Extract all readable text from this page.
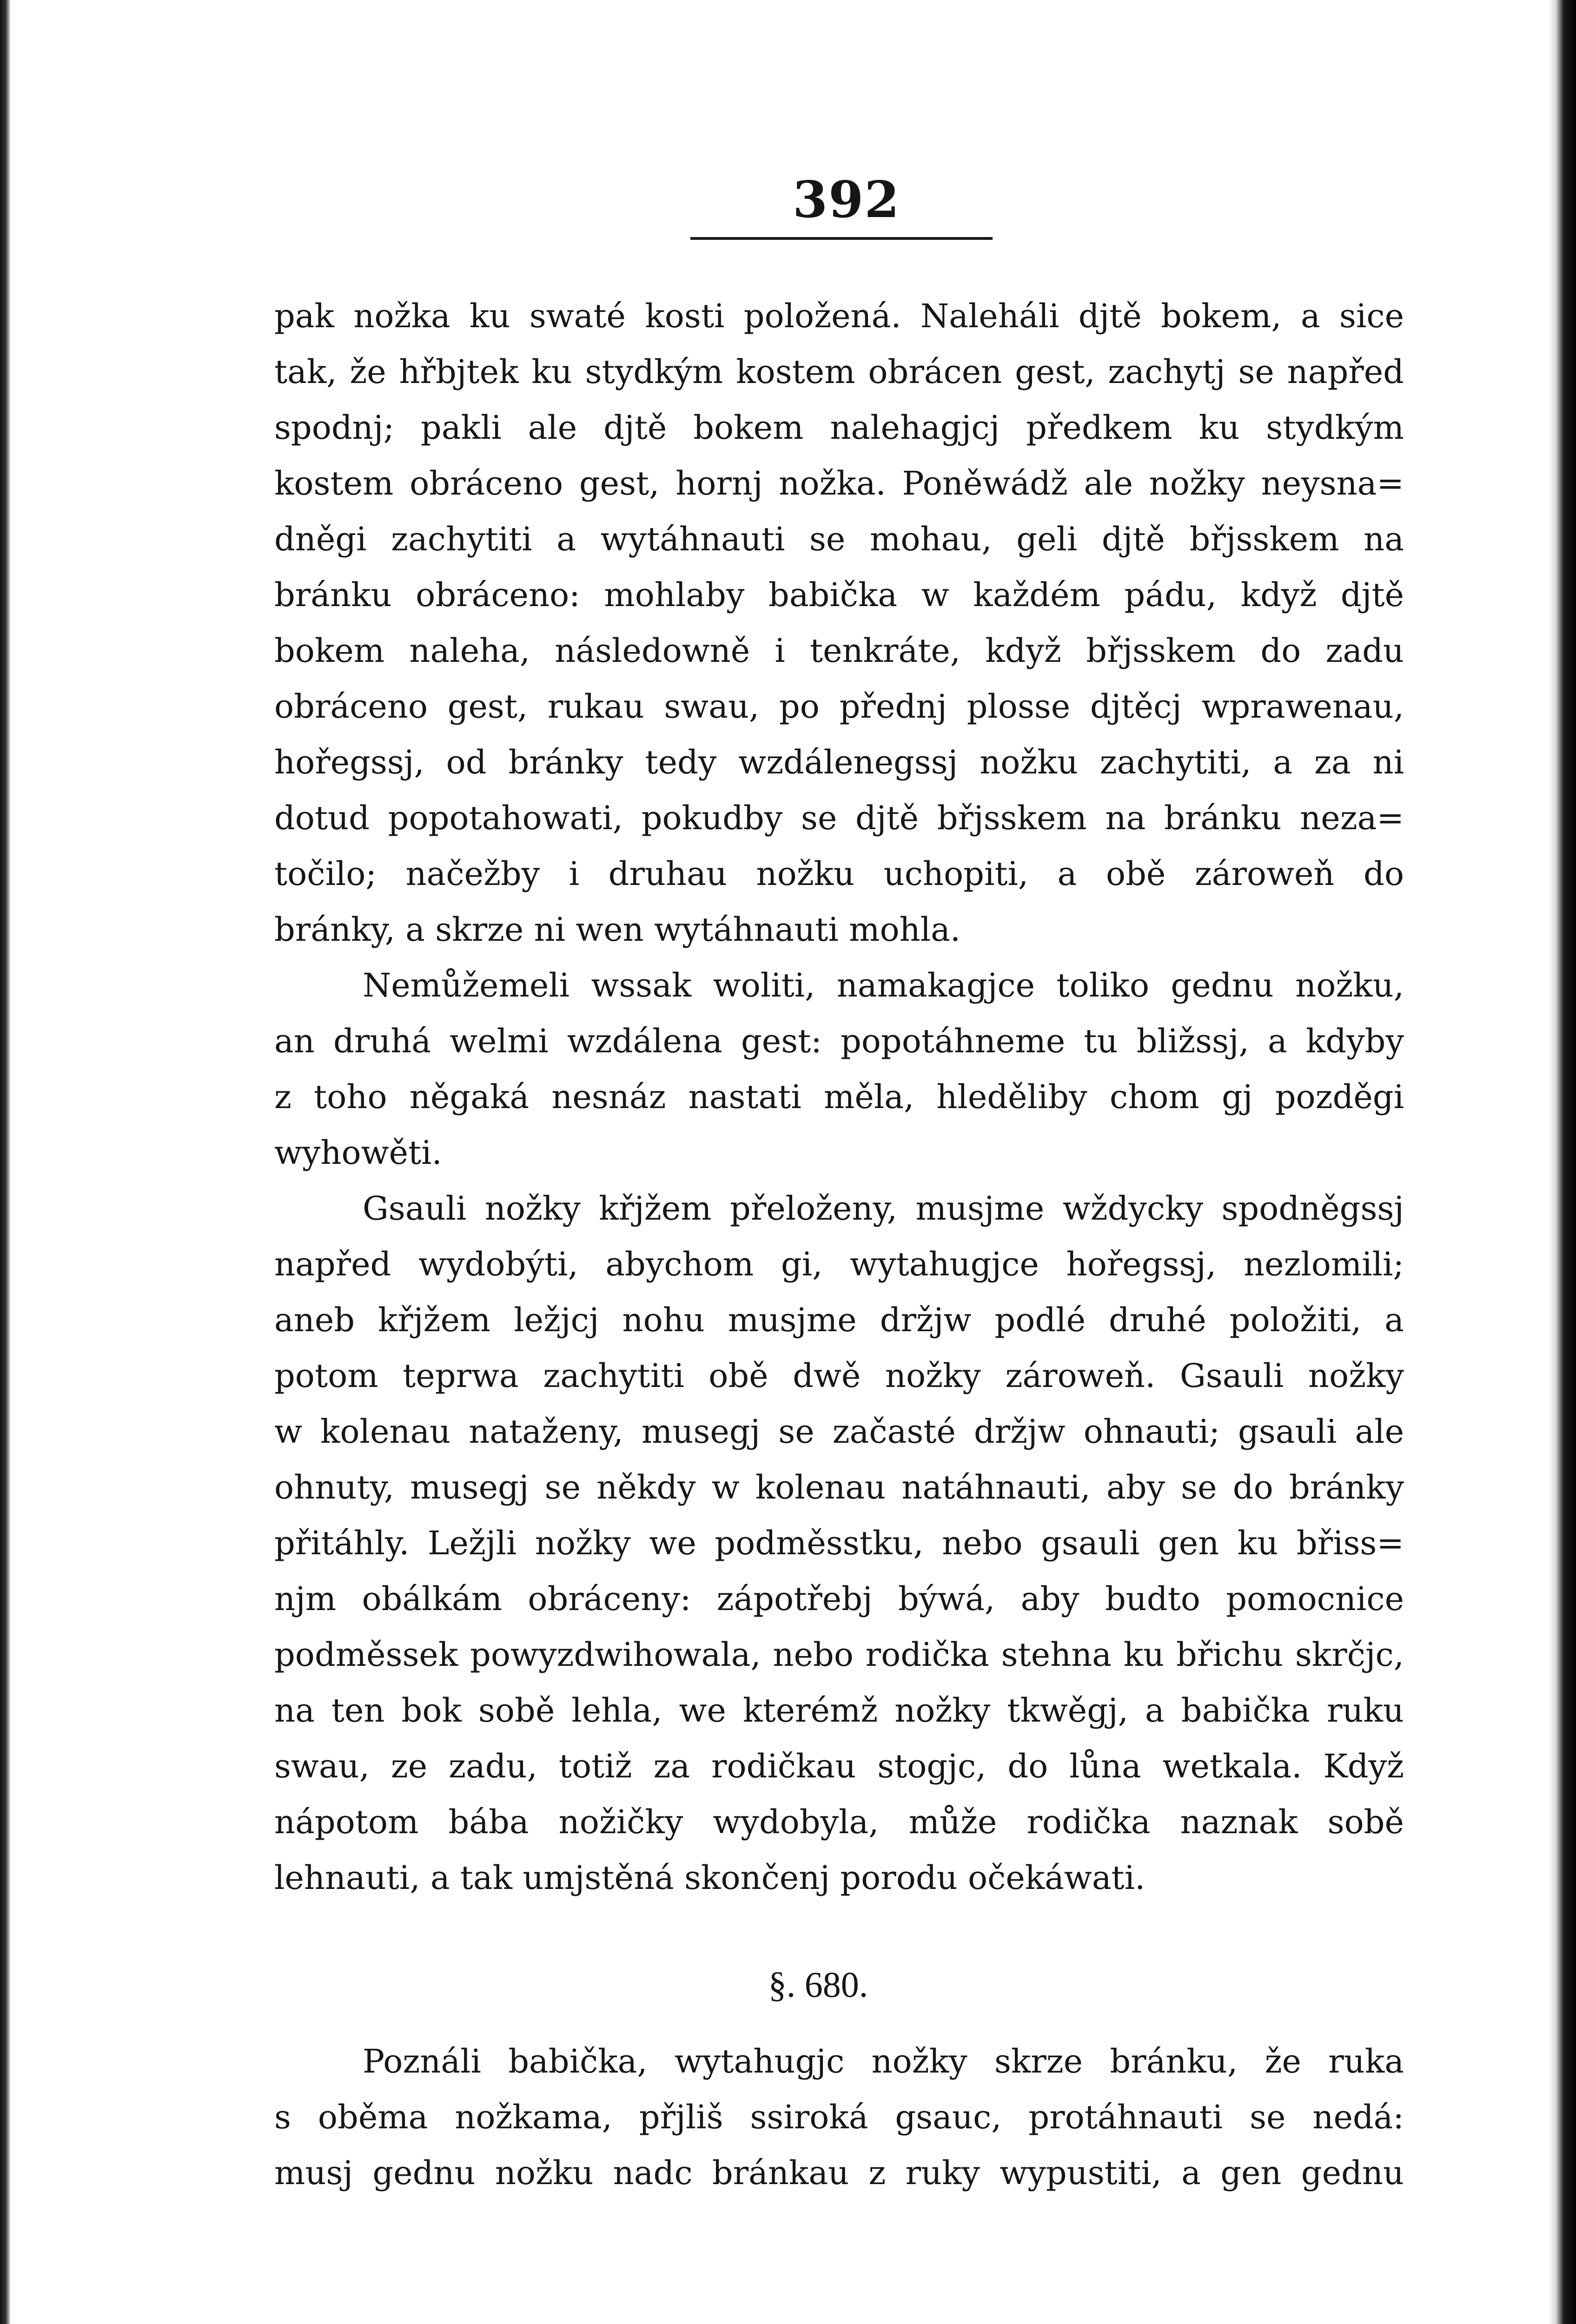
392
pak nožka ku swaté kosti položená. Naleháli djtě bokem, a sice
tak, že hřbjtek ku stydkým kostem obrácen gest, zachytj se napřed
spodnj; pakli ale djtě bokem nalehagjcj předkem ku stydkým
kostem obráceno gest, hornj nožka. Poněwádž ale nožky neysna=
dněgi zachytiti a wytáhnauti se mohau, geli djtě břjsskem na
bránku obráceno: mohlaby babička w každém pádu, když djtě
bokem naleha, následowně i tenkráte, když břjsskem do zadu
obráceno gest, rukau swau, po přednj plosse djtěcj wprawenau,
hořegssj, od bránky tedy wzdálenegssj nožku zachytiti, a za ni
dotud popotahowati, pokudby se djtě břjsskem na bránku neza=
točilo; načežby i druhau nožku uchopiti, a obě zároweň do
bránky, a skrze ni wen wytáhnauti mohla.
Nemůžemeli wssak woliti, namakagjce toliko gednu nožku,
an druhá welmi wzdálena gest: popotáhneme tu bližssj, a kdyby
z toho něgaká nesnáz nastati měla, hleděliby chom gj pozděgi
wyhowěti.
Gsauli nožky křjžem přeloženy, musjme wždycky spodněgssj
napřed wydobýti, abychom gi, wytahugjce hořegssj, nezlomili;
aneb křjžem ležjcj nohu musjme držjw podlé druhé položiti, a
potom teprwa zachytiti obě dwě nožky zároweň. Gsauli nožky
w kolenau nataženy, musegj se začasté držjw ohnauti; gsauli ale
ohnuty, musegj se někdy w kolenau natáhnauti, aby se do bránky
přitáhly. Ležjli nožky we podměsstku, nebo gsauli gen ku břiss=
njm obálkám obráceny: zápotřebj býwá, aby budto pomocnice
podměssek powyzdwihowala, nebo rodička stehna ku břichu skrčjc,
na ten bok sobě lehla, we kterémž nožky tkwěgj, a babička ruku
swau, ze zadu, totiž za rodičkau stogjc, do lůna wetkala. Když
nápotom bába nožičky wydobyla, může rodička naznak sobě
lehnauti, a tak umjstěná skončenj porodu očekáwati.
§. 680.
Poználi babička, wytahugjc nožky skrze bránku, že ruka
s oběma nožkama, přjliš ssiroká gsauc, protáhnauti se nedá:
musj gednu nožku nadc bránkau z ruky wypustiti, a gen gednu
